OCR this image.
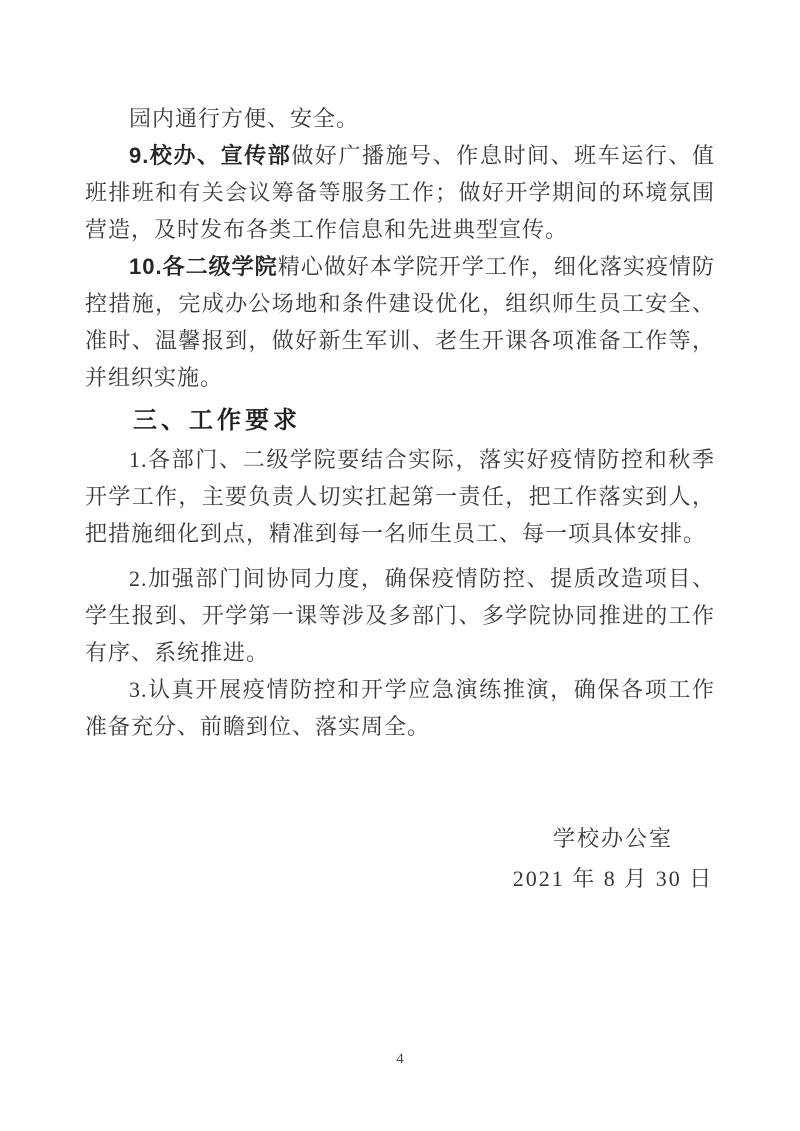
园内通行方便、安全。

9.校办、宣传部做好广播施号、作息时间、班车运行、值班排班和有关会议筹备等服务工作；做好开学期间的环境氛围营造，及时发布各类工作信息和先进典型宣传。

10.各二级学院精心做好本学院开学工作，细化落实疫情防控措施，完成办公场地和条件建设优化，组织师生员工安全、准时、温馨报到，做好新生军训、老生开课各项准备工作等，并组织实施。

三、工作要求

1.各部门、二级学院要结合实际，落实好疫情防控和秋季开学工作，主要负责人切实扛起第一责任，把工作落实到人，把措施细化到点，精准到每一名师生员工、每一项具体安排。

2.加强部门间协同力度，确保疫情防控、提质改造项目、学生报到、开学第一课等涉及多部门、多学院协同推进的工作有序、系统推进。

3.认真开展疫情防控和开学应急演练推演，确保各项工作准备充分、前瞻到位、落实周全。

学校办公室
2021 年 8 月 30 日
4
